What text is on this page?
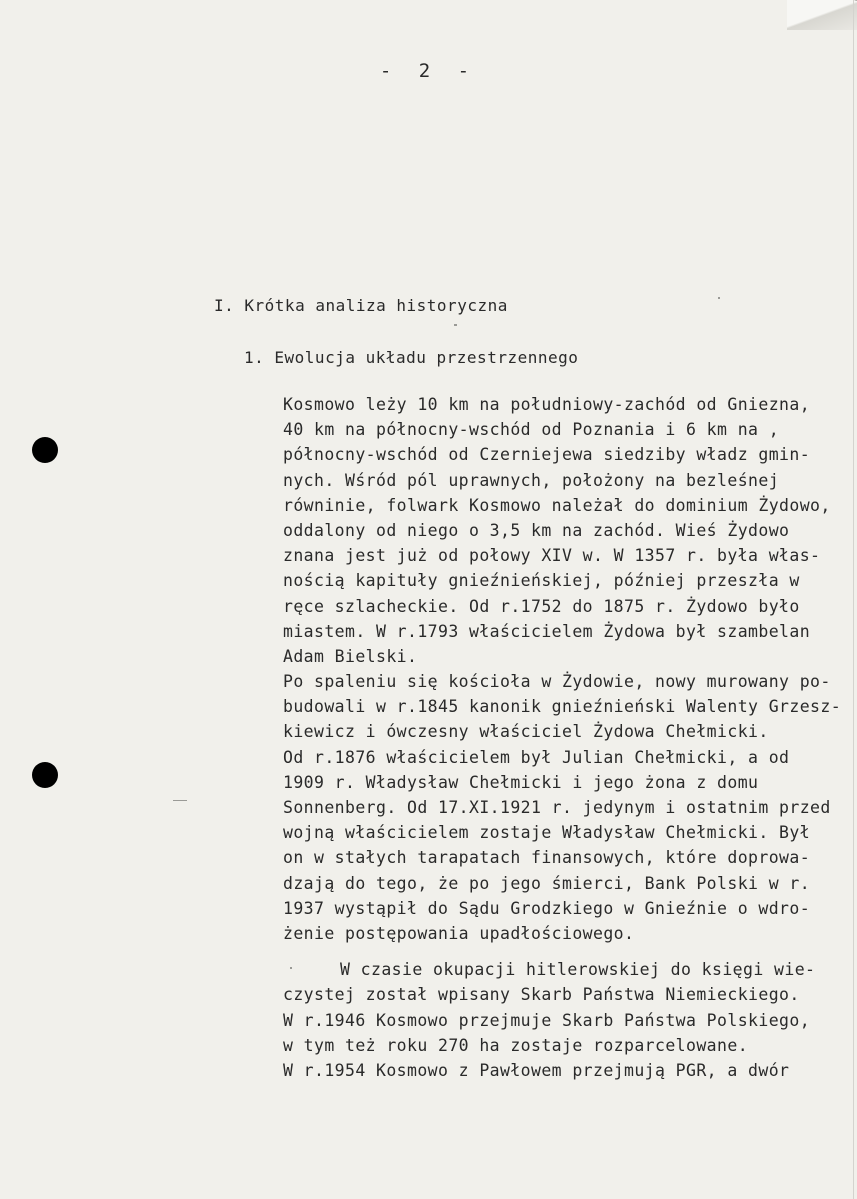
- 2 -
I. Krótka analiza historyczna
1. Ewolucja układu przestrzennego
Kosmowo leży 10 km na południowy-zachód od Gniezna,
40 km na północny-wschód od Poznania i 6 km na ,
północny-wschód od Czerniejewa siedziby władz gmin-
nych. Wśród pól uprawnych, położony na bezleśnej
równinie, folwark Kosmowo należał do dominium Żydowo,
oddalony od niego o 3,5 km na zachód. Wieś Żydowo
znana jest już od połowy XIV w. W 1357 r. była włas-
nością kapituły gnieźnieńskiej, później przeszła w
ręce szlacheckie. Od r.1752 do 1875 r. Żydowo było
miastem. W r.1793 właścicielem Żydowa był szambelan
Adam Bielski.
Po spaleniu się kościoła w Żydowie, nowy murowany po-
budowali w r.1845 kanonik gnieźnieński Walenty Grzesz-
kiewicz i ówczesny właściciel Żydowa Chełmicki.
Od r.1876 właścicielem był Julian Chełmicki, a od
1909 r. Władysław Chełmicki i jego żona z domu
Sonnenberg. Od 17.XI.1921 r. jedynym i ostatnim przed
wojną właścicielem zostaje Władysław Chełmicki. Był
on w stałych tarapatach finansowych, które doprowa-
dzają do tego, że po jego śmierci, Bank Polski w r.
1937 wystąpił do Sądu Grodzkiego w Gnieźnie o wdro-
żenie postępowania upadłościowego.
W czasie okupacji hitlerowskiej do księgi wie-
czystej został wpisany Skarb Państwa Niemieckiego.
W r.1946 Kosmowo przejmuje Skarb Państwa Polskiego,
w tym też roku 270 ha zostaje rozparcelowane.
W r.1954 Kosmowo z Pawłowem przejmują PGR, a dwór
